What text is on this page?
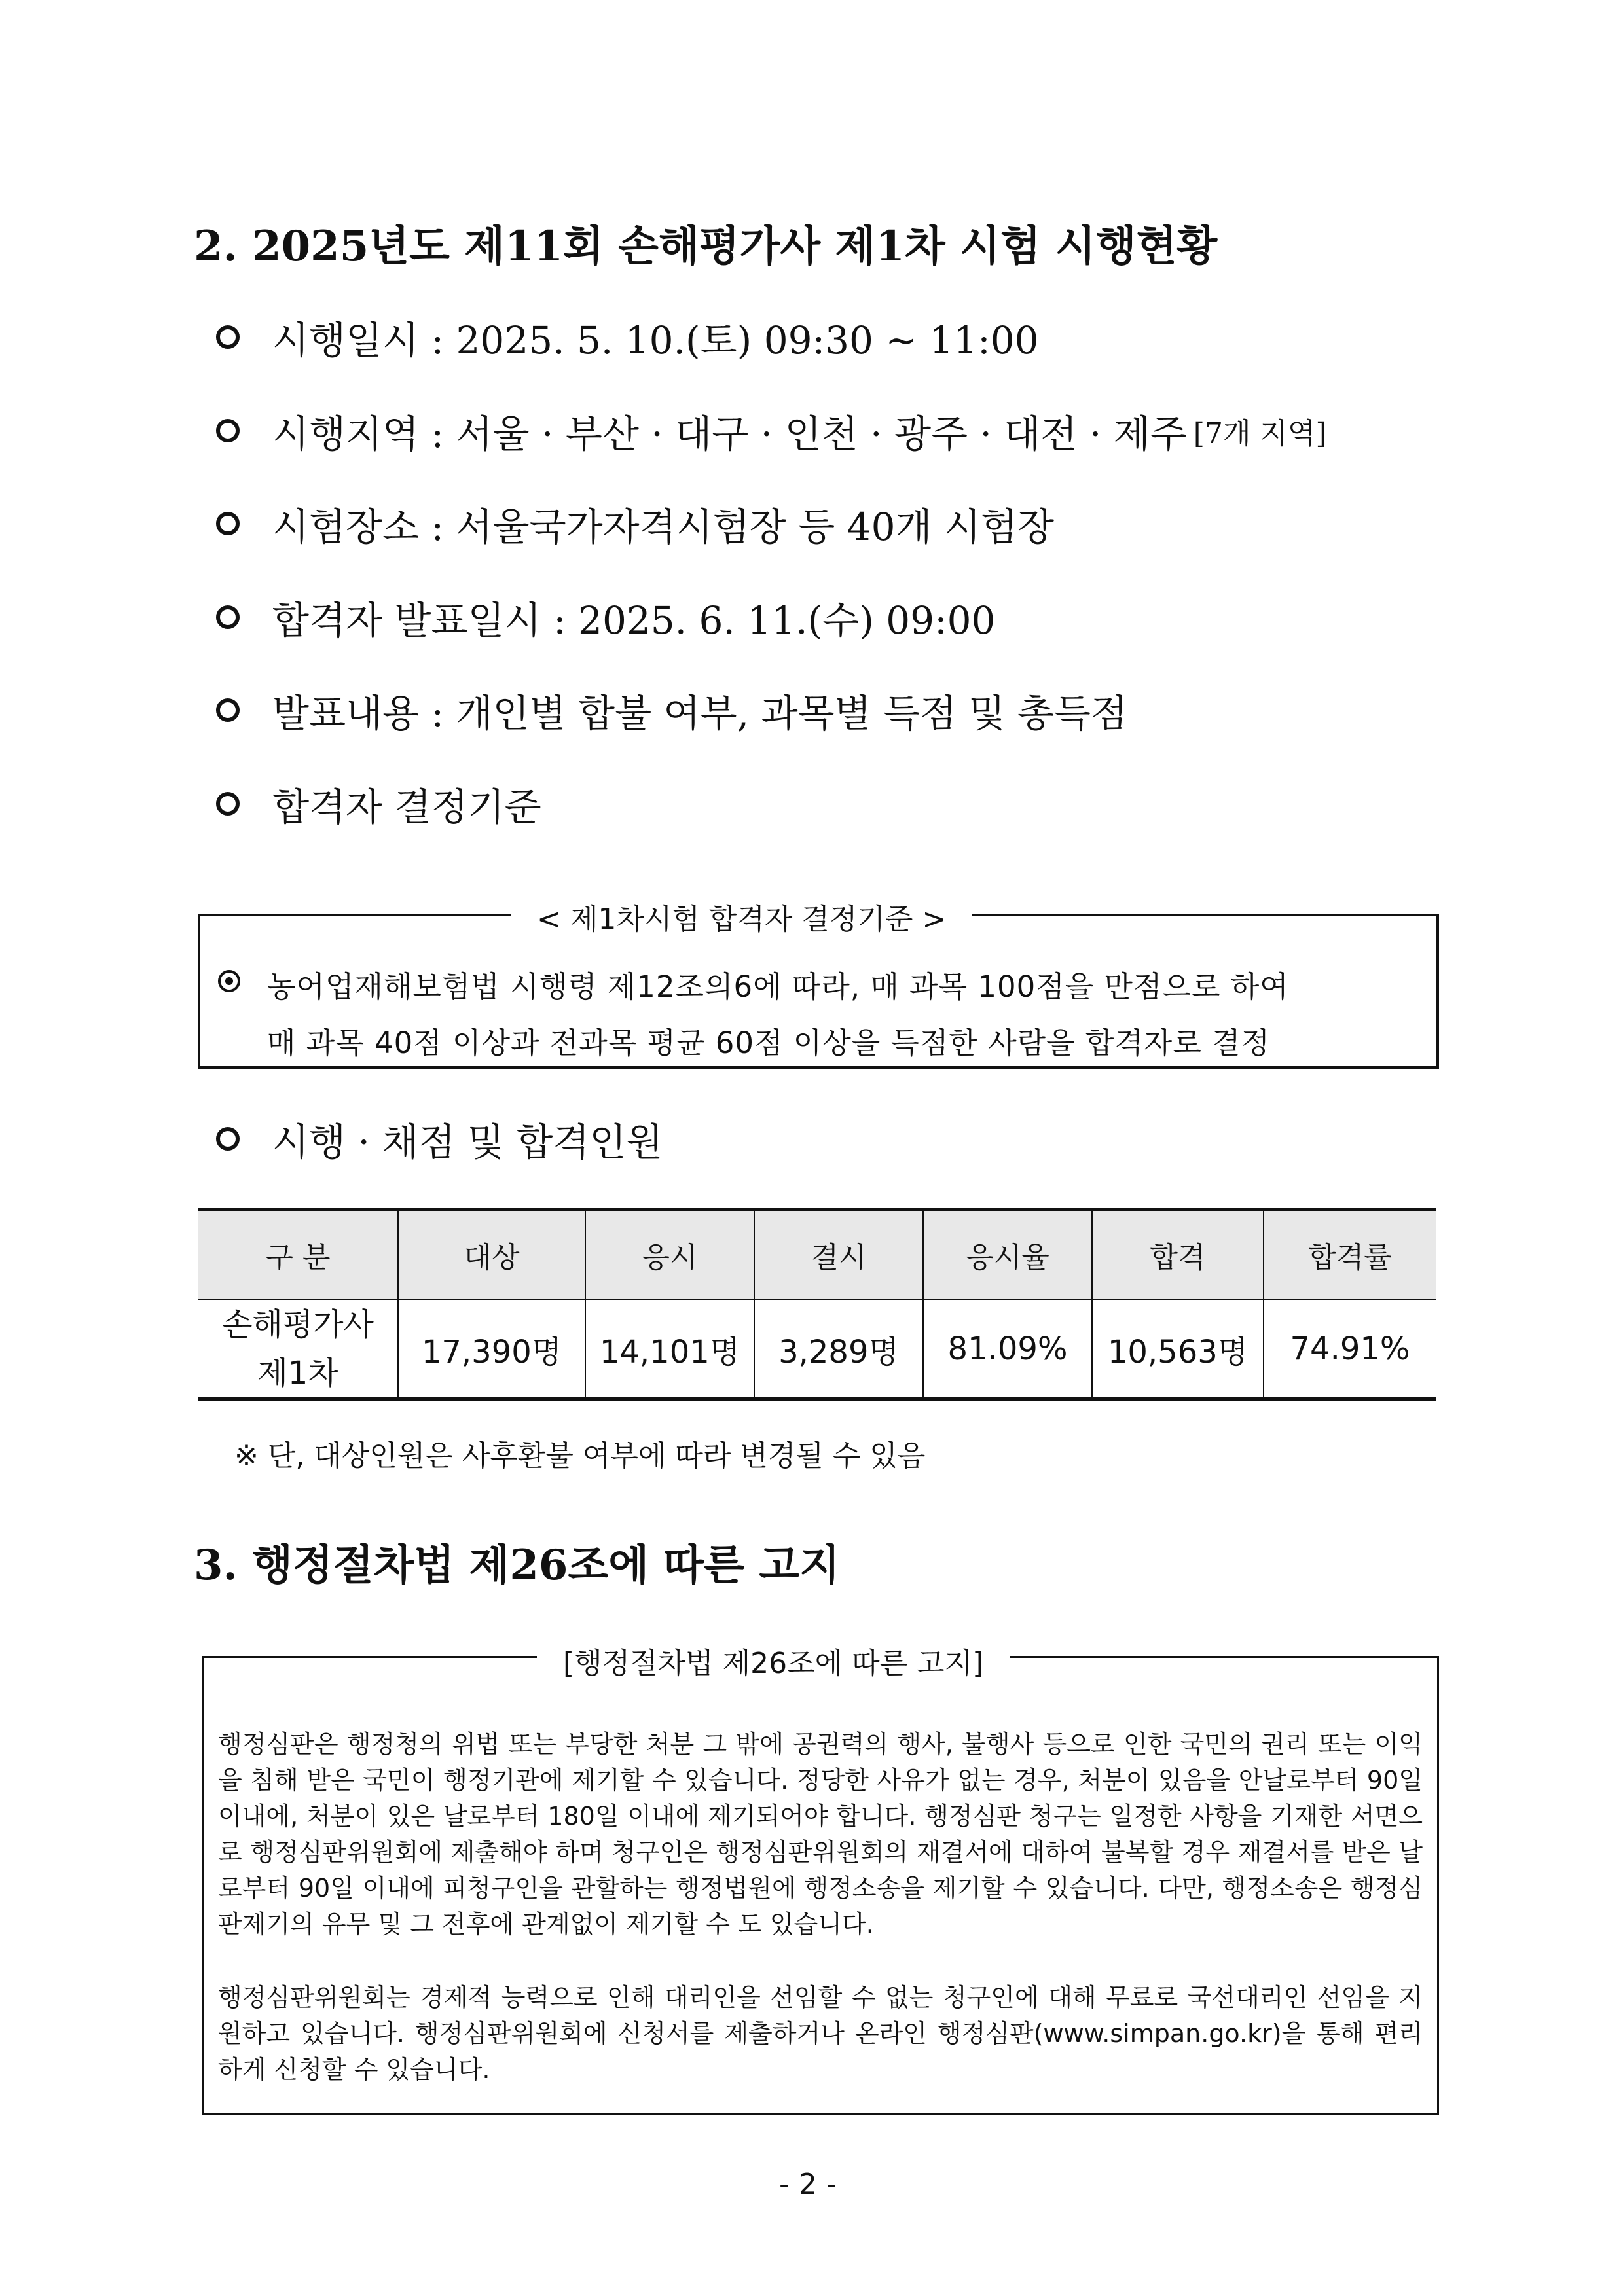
2. 2025년도 제11회 손해평가사 제1차 시험 시행현황
시행일시 : 2025. 5. 10.(토) 09:30 ~ 11:00
시행지역 : 서울 · 부산 · 대구 · 인천 · 광주 · 대전 · 제주 [7개 지역]
시험장소 : 서울국가자격시험장 등 40개 시험장
합격자 발표일시 : 2025. 6. 11.(수) 09:00
발표내용 : 개인별 합불 여부, 과목별 득점 및 총득점
합격자 결정기준
< 제1차시험 합격자 결정기준 >
농어업재해보험법 시행령 제12조의6에 따라, 매 과목 100점을 만점으로 하여
매 과목 40점 이상과 전과목 평균 60점 이상을 득점한 사람을 합격자로 결정
시행 · 채점 및 합격인원
구 분	대상	응시	결시	응시율	합격	합격률

손해평가사
제1차	17,390명	14,101명	3,289명	81.09%	10,563명	74.91%
※ 단, 대상인원은 사후환불 여부에 따라 변경될 수 있음
3. 행정절차법 제26조에 따른 고지
[행정절차법 제26조에 따른 고지]
행정심판은 행정청의 위법 또는 부당한 처분 그 밖에 공권력의 행사, 불행사 등으로 인한 국민의 권리 또는 이익을 침해 받은 국민이 행정기관에 제기할 수 있습니다. 정당한 사유가 없는 경우, 처분이 있음을 안날로부터 90일 이내에, 처분이 있은 날로부터 180일 이내에 제기되어야 합니다. 행정심판 청구는 일정한 사항을 기재한 서면으로 행정심판위원회에 제출해야 하며 청구인은 행정심판위원회의 재결서에 대하여 불복할 경우 재결서를 받은 날로부터 90일 이내에 피청구인을 관할하는 행정법원에 행정소송을 제기할 수 있습니다. 다만, 행정소송은 행정심판제기의 유무 및 그 전후에 관계없이 제기할 수 도 있습니다.
행정심판위원회는 경제적 능력으로 인해 대리인을 선임할 수 없는 청구인에 대해 무료로 국선대리인 선임을 지원하고 있습니다. 행정심판위원회에 신청서를 제출하거나 온라인 행정심판(www.simpan.go.kr)을 통해 편리하게 신청할 수 있습니다.
- 2 -
